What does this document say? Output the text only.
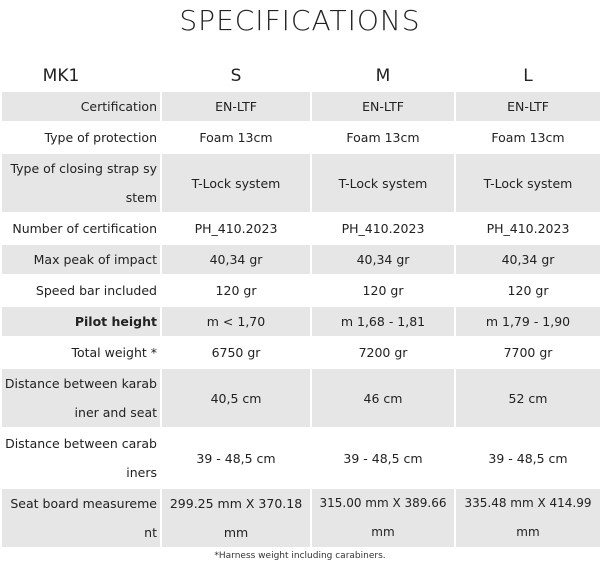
SPECIFICATIONS
MK1	S	M	L
Certification	EN-LTF	EN-LTF	EN-LTF
Type of protection	Foam 13cm	Foam 13cm	Foam 13cm
Type of closing strap system	T-Lock system	T-Lock system	T-Lock system
Number of certification	PH_410.2023	PH_410.2023	PH_410.2023
Max peak of impact	40,34 gr	40,34 gr	40,34 gr
Speed bar included	120 gr	120 gr	120 gr
Pilot height	m < 1,70	m 1,68 - 1,81	m 1,79 - 1,90
Total weight *	6750 gr	7200 gr	7700 gr
Distance between karabiner and seat	40,5 cm	46 cm	52 cm
Distance between carabiners	39 - 48,5 cm	39 - 48,5 cm	39 - 48,5 cm
Seat board measurement	299.25 mm X 370.18 mm	315.00 mm X 389.66 mm	335.48 mm X 414.99 mm
*Harness weight including carabiners.
